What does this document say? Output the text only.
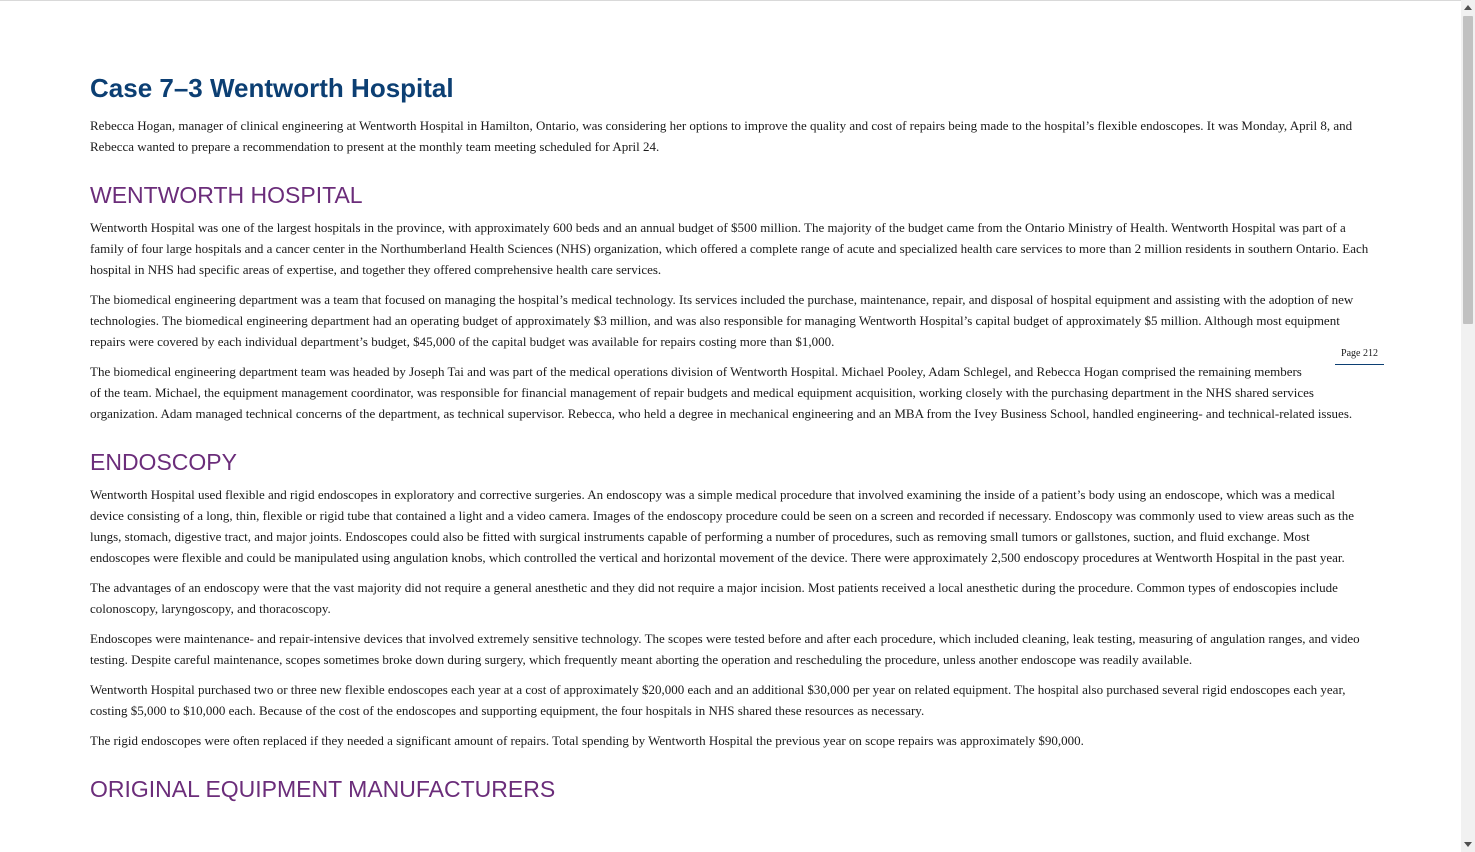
Case 7–3 Wentworth Hospital

Rebecca Hogan, manager of clinical engineering at Wentworth Hospital in Hamilton, Ontario, was considering her options to improve the quality and cost of repairs being made to the hospital’s flexible endoscopes. It was Monday, April 8, and Rebecca wanted to prepare a recommendation to present at the monthly team meeting scheduled for April 24.

WENTWORTH HOSPITAL

Wentworth Hospital was one of the largest hospitals in the province, with approximately 600 beds and an annual budget of $500 million. The majority of the budget came from the Ontario Ministry of Health. Wentworth Hospital was part of a family of four large hospitals and a cancer center in the Northumberland Health Sciences (NHS) organization, which offered a complete range of acute and specialized health care services to more than 2 million residents in southern Ontario. Each hospital in NHS had specific areas of expertise, and together they offered comprehensive health care services.

The biomedical engineering department was a team that focused on managing the hospital’s medical technology. Its services included the purchase, maintenance, repair, and disposal of hospital equipment and assisting with the adoption of new technologies. The biomedical engineering department had an operating budget of approximately $3 million, and was also responsible for managing Wentworth Hospital’s capital budget of approximately $5 million. Although most equipment repairs were covered by each individual department’s budget, $45,000 of the capital budget was available for repairs costing more than $1,000.

Page 212

The biomedical engineering department team was headed by Joseph Tai and was part of the medical operations division of Wentworth Hospital. Michael Pooley, Adam Schlegel, and Rebecca Hogan comprised the remaining members of the team. Michael, the equipment management coordinator, was responsible for financial management of repair budgets and medical equipment acquisition, working closely with the purchasing department in the NHS shared services organization. Adam managed technical concerns of the department, as technical supervisor. Rebecca, who held a degree in mechanical engineering and an MBA from the Ivey Business School, handled engineering- and technical-related issues.

ENDOSCOPY

Wentworth Hospital used flexible and rigid endoscopes in exploratory and corrective surgeries. An endoscopy was a simple medical procedure that involved examining the inside of a patient’s body using an endoscope, which was a medical device consisting of a long, thin, flexible or rigid tube that contained a light and a video camera. Images of the endoscopy procedure could be seen on a screen and recorded if necessary. Endoscopy was commonly used to view areas such as the lungs, stomach, digestive tract, and major joints. Endoscopes could also be fitted with surgical instruments capable of performing a number of procedures, such as removing small tumors or gallstones, suction, and fluid exchange. Most endoscopes were flexible and could be manipulated using angulation knobs, which controlled the vertical and horizontal movement of the device. There were approximately 2,500 endoscopy procedures at Wentworth Hospital in the past year.

The advantages of an endoscopy were that the vast majority did not require a general anesthetic and they did not require a major incision. Most patients received a local anesthetic during the procedure. Common types of endoscopies include colonoscopy, laryngoscopy, and thoracoscopy.

Endoscopes were maintenance- and repair-intensive devices that involved extremely sensitive technology. The scopes were tested before and after each procedure, which included cleaning, leak testing, measuring of angulation ranges, and video testing. Despite careful maintenance, scopes sometimes broke down during surgery, which frequently meant aborting the operation and rescheduling the procedure, unless another endoscope was readily available.

Wentworth Hospital purchased two or three new flexible endoscopes each year at a cost of approximately $20,000 each and an additional $30,000 per year on related equipment. The hospital also purchased several rigid endoscopes each year, costing $5,000 to $10,000 each. Because of the cost of the endoscopes and supporting equipment, the four hospitals in NHS shared these resources as necessary.

The rigid endoscopes were often replaced if they needed a significant amount of repairs. Total spending by Wentworth Hospital the previous year on scope repairs was approximately $90,000.

ORIGINAL EQUIPMENT MANUFACTURERS
